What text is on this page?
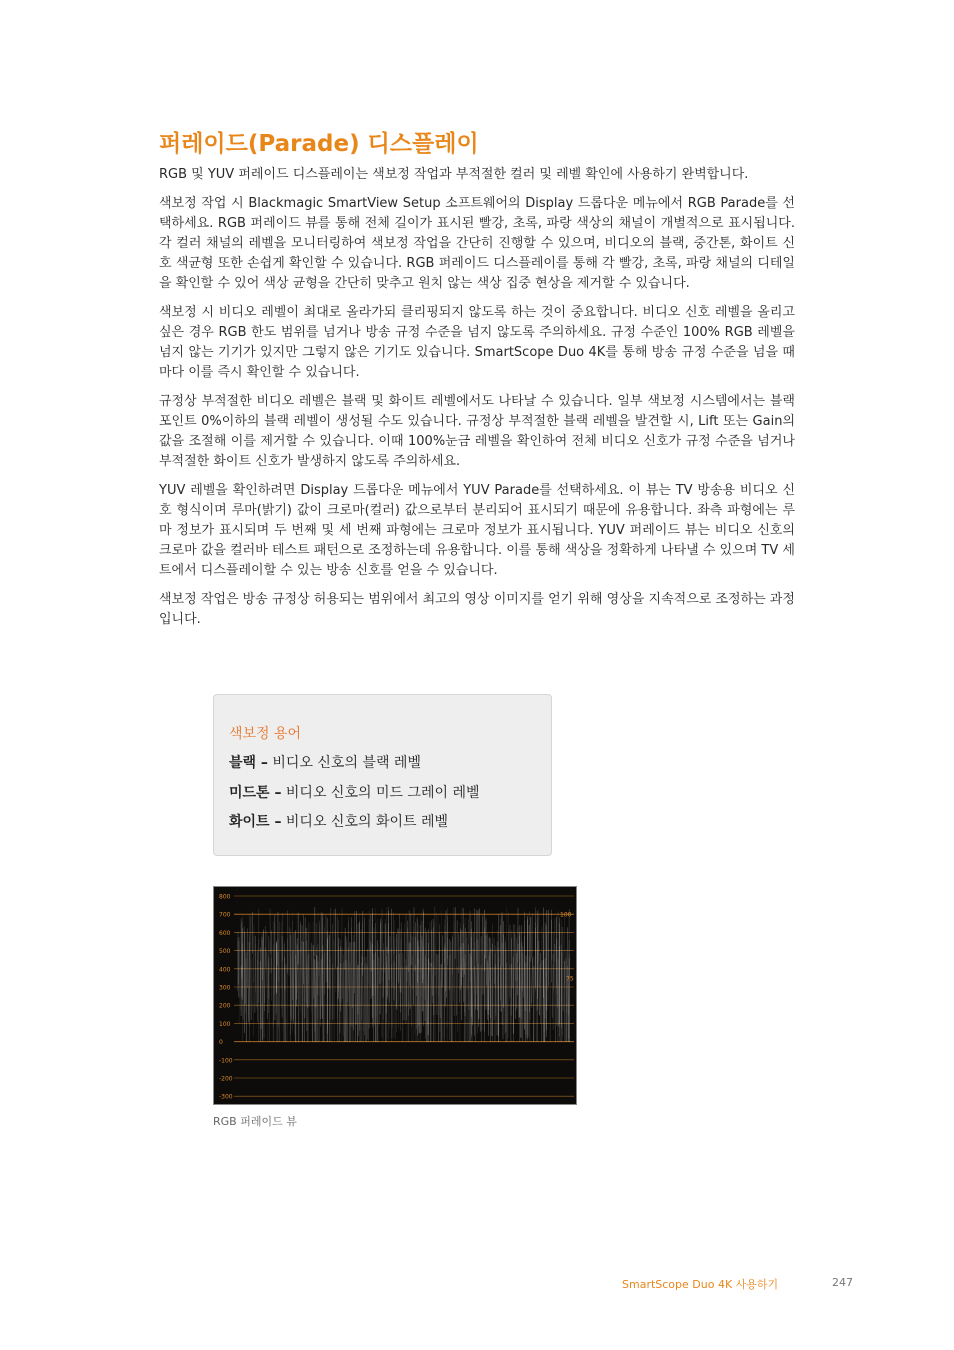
퍼레이드(Parade) 디스플레이

RGB 및 YUV 퍼레이드 디스플레이는 색보정 작업과 부적절한 컬러 및 레벨 확인에 사용하기 완벽합니다.

색보정 작업 시 Blackmagic SmartView Setup 소프트웨어의 Display 드롭다운 메뉴에서 RGB Parade를 선택하세요. RGB 퍼레이드 뷰를 통해 전체 길이가 표시된 빨강, 초록, 파랑 색상의 채널이 개별적으로 표시됩니다. 각 컬러 채널의 레벨을 모니터링하여 색보정 작업을 간단히 진행할 수 있으며, 비디오의 블랙, 중간톤, 화이트 신호 색균형 또한 손쉽게 확인할 수 있습니다. RGB 퍼레이드 디스플레이를 통해 각 빨강, 초록, 파랑 채널의 디테일을 확인할 수 있어 색상 균형을 간단히 맞추고 원치 않는 색상 집중 현상을 제거할 수 있습니다.

색보정 시 비디오 레벨이 최대로 올라가되 클리핑되지 않도록 하는 것이 중요합니다. 비디오 신호 레벨을 올리고 싶은 경우 RGB 한도 범위를 넘거나 방송 규정 수준을 넘지 않도록 주의하세요. 규정 수준인 100% RGB 레벨을 넘지 않는 기기가 있지만 그렇지 않은 기기도 있습니다. SmartScope Duo 4K를 통해 방송 규정 수준을 넘을 때마다 이를 즉시 확인할 수 있습니다.

규정상 부적절한 비디오 레벨은 블랙 및 화이트 레벨에서도 나타날 수 있습니다. 일부 색보정 시스템에서는 블랙 포인트 0%이하의 블랙 레벨이 생성될 수도 있습니다. 규정상 부적절한 블랙 레벨을 발견할 시, Lift 또는 Gain의 값을 조절해 이를 제거할 수 있습니다. 이때 100%눈금 레벨을 확인하여 전체 비디오 신호가 규정 수준을 넘거나 부적절한 화이트 신호가 발생하지 않도록 주의하세요.

YUV 레벨을 확인하려면 Display 드롭다운 메뉴에서 YUV Parade를 선택하세요. 이 뷰는 TV 방송용 비디오 신호 형식이며 루마(밝기) 값이 크로마(컬러) 값으로부터 분리되어 표시되기 때문에 유용합니다. 좌측 파형에는 루마 정보가 표시되며 두 번째 및 세 번째 파형에는 크로마 정보가 표시됩니다. YUV 퍼레이드 뷰는 비디오 신호의 크로마 값을 컬러바 테스트 패턴으로 조정하는데 유용합니다. 이를 통해 색상을 정확하게 나타낼 수 있으며 TV 세트에서 디스플레이할 수 있는 방송 신호를 얻을 수 있습니다.

색보정 작업은 방송 규정상 허용되는 범위에서 최고의 영상 이미지를 얻기 위해 영상을 지속적으로 조정하는 과정입니다.

색보정 용어
블랙 – 비디오 신호의 블랙 레벨
미드톤 – 비디오 신호의 미드 그레이 레벨
화이트 – 비디오 신호의 화이트 레벨
800
700
600
500
400
300
200
100
0
-100
-200
-300
100
75
RGB 퍼레이드 뷰
SmartScope Duo 4K 사용하기	247
